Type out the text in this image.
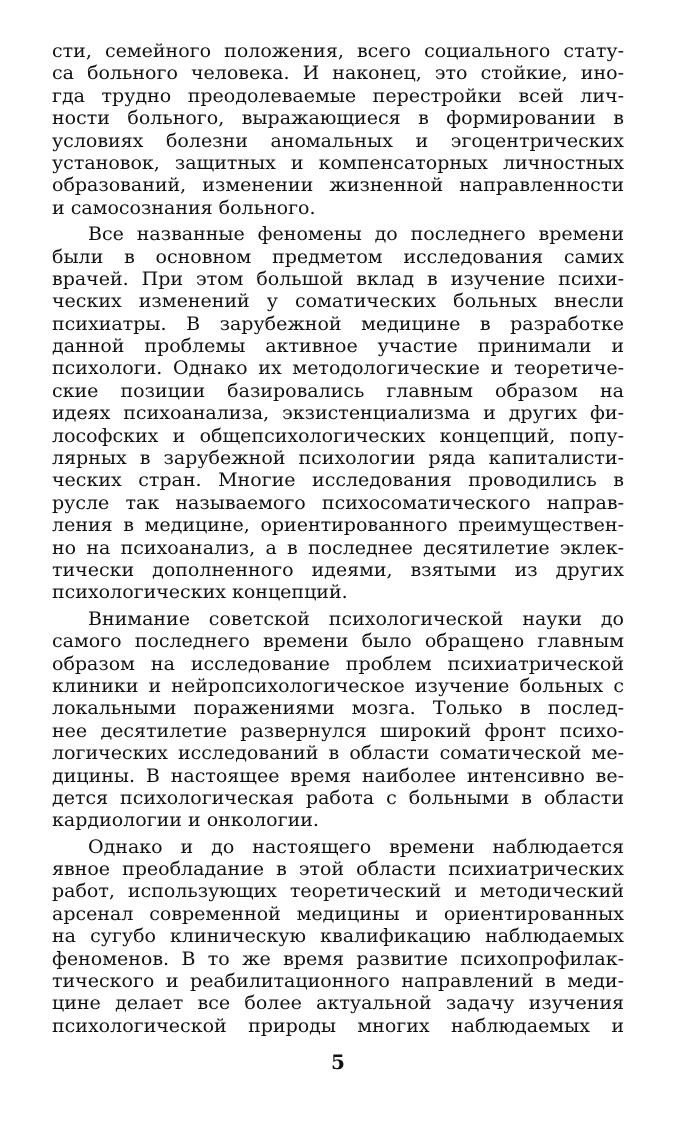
сти, семейного положения, всего социального стату-
са больного человека. И наконец, это стойкие, ино-
гда трудно преодолеваемые перестройки всей лич-
ности больного, выражающиеся в формировании в
условиях болезни аномальных и эгоцентрических
установок, защитных и компенсаторных личностных
образований, изменении жизненной направленности
и самосознания больного.
Все названные феномены до последнего времени
были в основном предметом исследования самих
врачей. При этом большой вклад в изучение психи-
ческих изменений у соматических больных внесли
психиатры. В зарубежной медицине в разработке
данной проблемы активное участие принимали и
психологи. Однако их методологические и теоретиче-
ские позиции базировались главным образом на
идеях психоанализа, экзистенциализма и других фи-
лософских и общепсихологических концепций, попу-
лярных в зарубежной психологии ряда капиталисти-
ческих стран. Многие исследования проводились в
русле так называемого психосоматического направ-
ления в медицине, ориентированного преимуществен-
но на психоанализ, а в последнее десятилетие эклек-
тически дополненного идеями, взятыми из других
психологических концепций.
Внимание советской психологической науки до
самого последнего времени было обращено главным
образом на исследование проблем психиатрической
клиники и нейропсихологическое изучение больных с
локальными поражениями мозга. Только в послед-
нее десятилетие развернулся широкий фронт психо-
логических исследований в области соматической ме-
дицины. В настоящее время наиболее интенсивно ве-
дется психологическая работа с больными в области
кардиологии и онкологии.
Однако и до настоящего времени наблюдается
явное преобладание в этой области психиатрических
работ, использующих теоретический и методический
арсенал современной медицины и ориентированных
на сугубо клиническую квалификацию наблюдаемых
феноменов. В то же время развитие психопрофилак-
тического и реабилитационного направлений в меди-
цине делает все более актуальной задачу изучения
психологической природы многих наблюдаемых и
5
